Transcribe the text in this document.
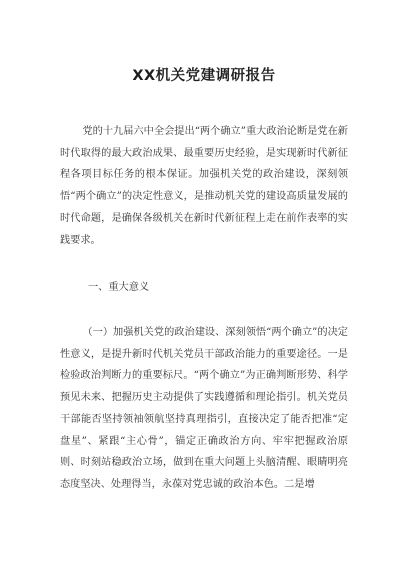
XX机关党建调研报告

党的十九届六中全会提出“两个确立”重大政治论断是党在新时代取得的最大政治成果、最重要历史经验，是实现新时代新征程各项目标任务的根本保证。加强机关党的政治建设，深刻领悟“两个确立”的决定性意义，是推动机关党的建设高质量发展的时代命题，是确保各级机关在新时代新征程上走在前作表率的实践要求。

一、重大意义

（一）加强机关党的政治建设、深刻领悟“两个确立”的决定性意义，是提升新时代机关党员干部政治能力的重要途径。一是检验政治判断力的重要标尺。“两个确立”为正确判断形势、科学预见未来、把握历史主动提供了实践遵循和理论指引。机关党员干部能否坚持领袖领航坚持真理指引，直接决定了能否把准“定盘星”、紧跟“主心骨”，锚定正确政治方向、牢牢把握政治原则、时刻站稳政治立场，做到在重大问题上头脑清醒、眼睛明亮态度坚决、处理得当，永葆对党忠诚的政治本色。二是增
